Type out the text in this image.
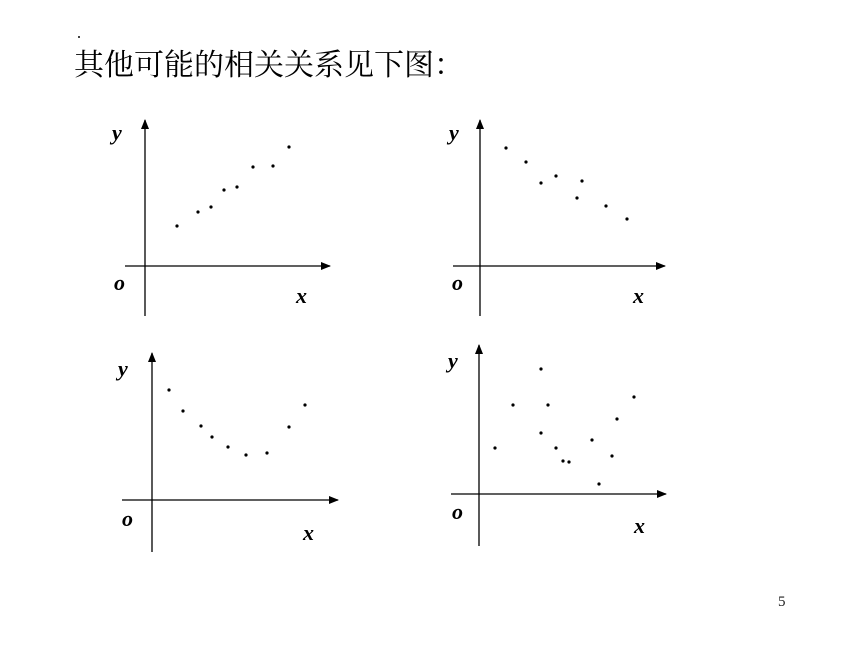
其他可能的相关关系见下图：
y
o
x
y
o
x
y
o
x
y
o
x
5
